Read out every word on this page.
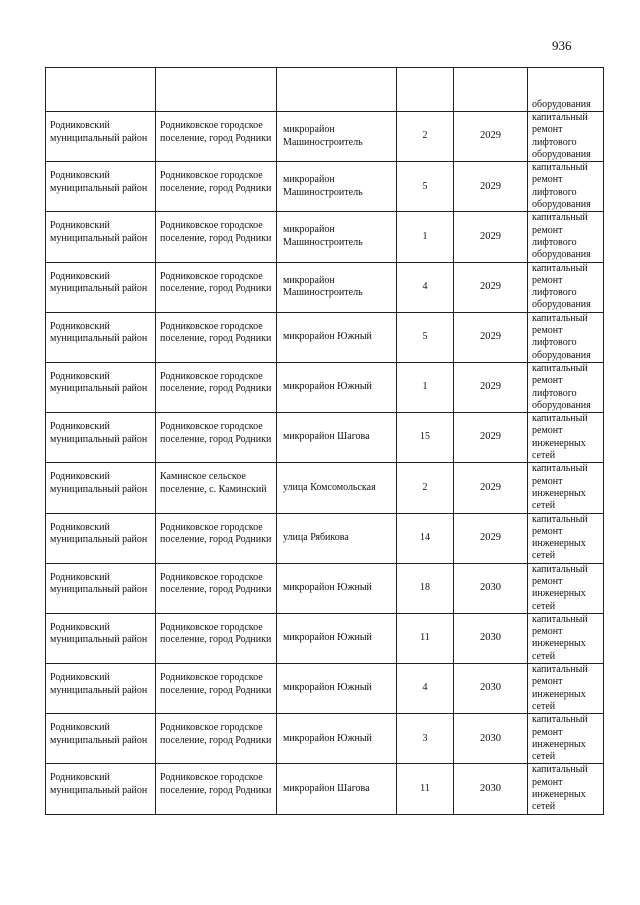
936
					оборудования
Родниковский муниципальный район	Родниковское городское поселение, город Родники	микрорайон Машиностроитель	2	2029	капитальный ремонт лифтового оборудования
Родниковский муниципальный район	Родниковское городское поселение, город Родники	микрорайон Машиностроитель	5	2029	капитальный ремонт лифтового оборудования
Родниковский муниципальный район	Родниковское городское поселение, город Родники	микрорайон Машиностроитель	1	2029	капитальный ремонт лифтового оборудования
Родниковский муниципальный район	Родниковское городское поселение, город Родники	микрорайон Машиностроитель	4	2029	капитальный ремонт лифтового оборудования
Родниковский муниципальный район	Родниковское городское поселение, город Родники	микрорайон Южный	5	2029	капитальный ремонт лифтового оборудования
Родниковский муниципальный район	Родниковское городское поселение, город Родники	микрорайон Южный	1	2029	капитальный ремонт лифтового оборудования
Родниковский муниципальный район	Родниковское городское поселение, город Родники	микрорайон Шагова	15	2029	капитальный ремонт инженерных сетей
Родниковский муниципальный район	Каминское сельское поселение, с. Каминский	улица Комсомольская	2	2029	капитальный ремонт инженерных сетей
Родниковский муниципальный район	Родниковское городское поселение, город Родники	улица Рябикова	14	2029	капитальный ремонт инженерных сетей
Родниковский муниципальный район	Родниковское городское поселение, город Родники	микрорайон Южный	18	2030	капитальный ремонт инженерных сетей
Родниковский муниципальный район	Родниковское городское поселение, город Родники	микрорайон Южный	11	2030	капитальный ремонт инженерных сетей
Родниковский муниципальный район	Родниковское городское поселение, город Родники	микрорайон Южный	4	2030	капитальный ремонт инженерных сетей
Родниковский муниципальный район	Родниковское городское поселение, город Родники	микрорайон Южный	3	2030	капитальный ремонт инженерных сетей
Родниковский муниципальный район	Родниковское городское поселение, город Родники	микрорайон Шагова	11	2030	капитальный ремонт инженерных сетей
